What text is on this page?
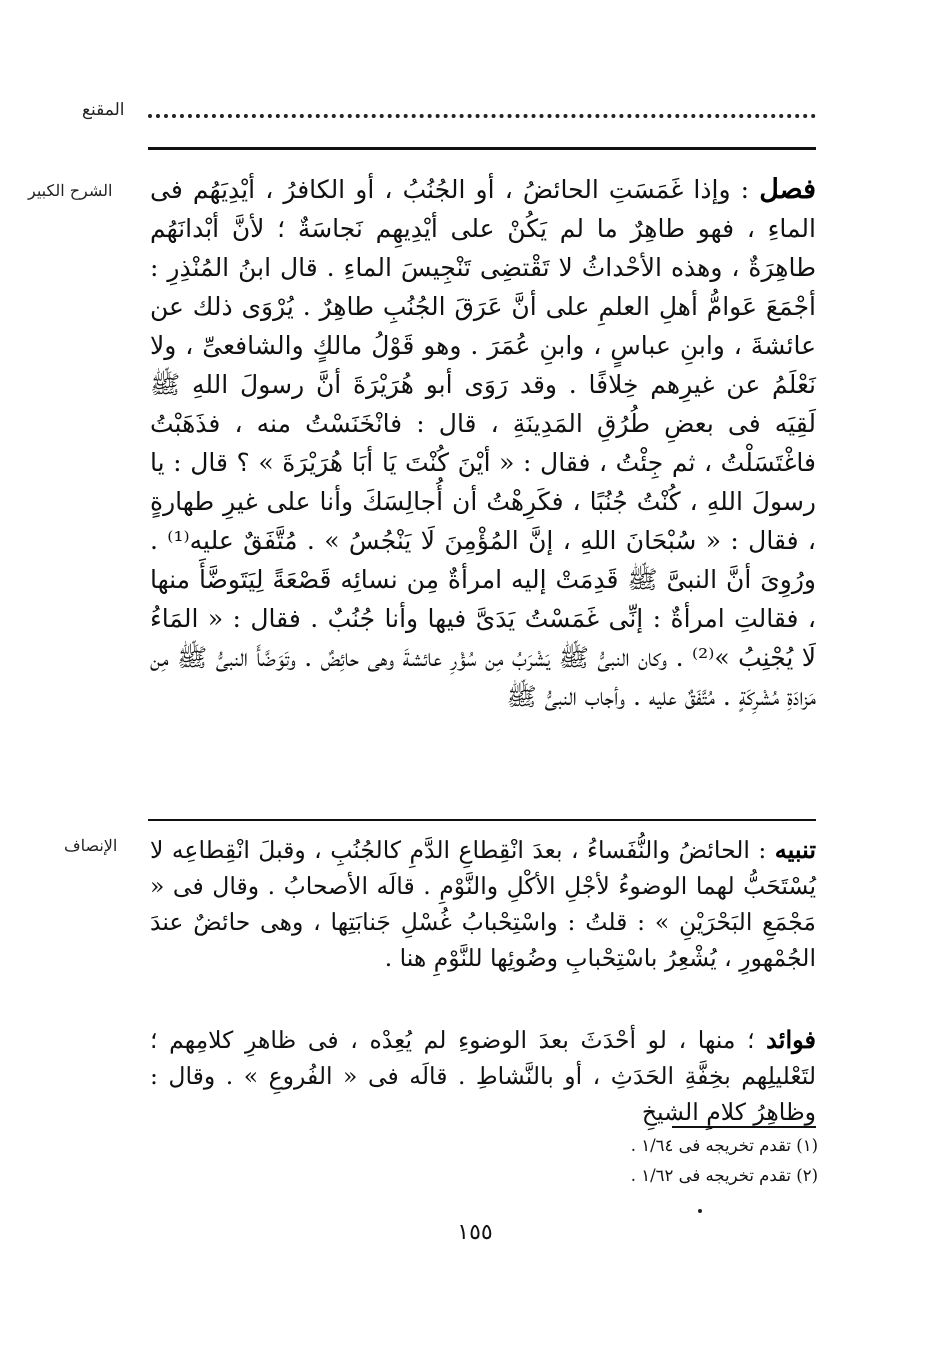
المقنع
الشرح الكبير	فصل : وإذا غَمَسَتِ الحائضُ ، أو الجُنُبُ ، أو الكافرُ ، أيْدِيَهُم فى الماءِ ، فهو طاهِرٌ ما لم يَكُنْ على أيْدِيهِم نَجاسَةٌ ؛ لأنَّ أبْدانَهُم طاهِرَةٌ ، وهذه الأحْداثُ لا تَقْتضِى تَنْجِيسَ الماءِ . قال ابنُ المُنْذِرِ : أجْمَعَ عَوامُّ أهلِ العلمِ على أنَّ عَرَقَ الجُنُبِ طاهِرٌ . يُرْوَى ذلك عن عائشةَ ، وابنِ عباسٍ ، وابنِ عُمَرَ . وهو قَوْلُ مالكٍ والشافعىِّ ، ولا نَعْلَمُ عن غيرِهم خِلافًا . وقد رَوَى أبو هُرَيْرَةَ أنَّ رسولَ اللهِ ﷺ لَقِيَه فى بعضِ طُرُقِ المَدِينَةِ ، قال : فانْخَنَسْتُ منه ، فذَهَبْتُ فاغْتَسَلْتُ ، ثم جِئْتُ ، فقال : « أيْنَ كُنْتَ يَا أبَا هُرَيْرَةَ » ؟ قال : يا رسولَ اللهِ ، كُنْتُ جُنُبًا ، فكَرِهْتُ أن أُجالِسَكَ وأنا على غيرِ طهارةٍ ، فقال : « سُبْحَانَ اللهِ ، إنَّ المُؤْمِنَ لَا يَنْجُسُ » . مُتَّفَقٌ عليه⁽¹⁾ . ورُوِىَ أنَّ النبىَّ ﷺ قَدِمَتْ إليه امرأةٌ مِن نسائِه قَصْعَةً لِيَتَوضَّأَ منها ، فقالتِ امرأةٌ : إنِّى غَمَسْتُ يَدَىَّ فيها وأنا جُنُبٌ . فقال : « المَاءُ لَا يُجْنِبُ »⁽²⁾ . وكان النبىُّ ﷺ يَشْرَبُ مِن سُؤْرِ عائشةَ وهى حائِضٌ . وتَوَضَّأَ النبىُّ ﷺ مِن مَزادَةِ مُشْرِكَةٍ . مُتَّفَقٌ عليه . وأجاب النبىُّ ﷺ
الإنصاف	تنبيه : الحائضُ والنُّفَساءُ ، بعدَ انْقِطاعِ الدَّمِ كالجُنُبِ ، وقبلَ انْقِطاعِه لا يُسْتَحَبُّ لهما الوضوءُ لأجْلِ الأكْلِ والنَّوْمِ . قالَه الأصحابُ . وقال فى « مَجْمَعِ البَحْرَيْنِ » : قلتُ : واسْتِحْبابُ غُسْلِ جَنابَتِها ، وهى حائضٌ عندَ الجُمْهورِ ، يُشْعِرُ باسْتِحْبابِ وضُوئِها للنَّوْمِ هنا .
فوائد ؛ منها ، لو أحْدَثَ بعدَ الوضوءِ لم يُعِدْه ، فى ظاهرِ كلامِهم ؛ لتَعْليلِهم بخِفَّةِ الحَدَثِ ، أو بالنَّشاطِ . قالَه فى « الفُروعِ » . وقال : وظاهِرُ كلامِ الشيخِ
(١) تقدم تخريجه فى ١/٦٤ .
(٢) تقدم تخريجه فى ١/٦٢ .
١٥٥
